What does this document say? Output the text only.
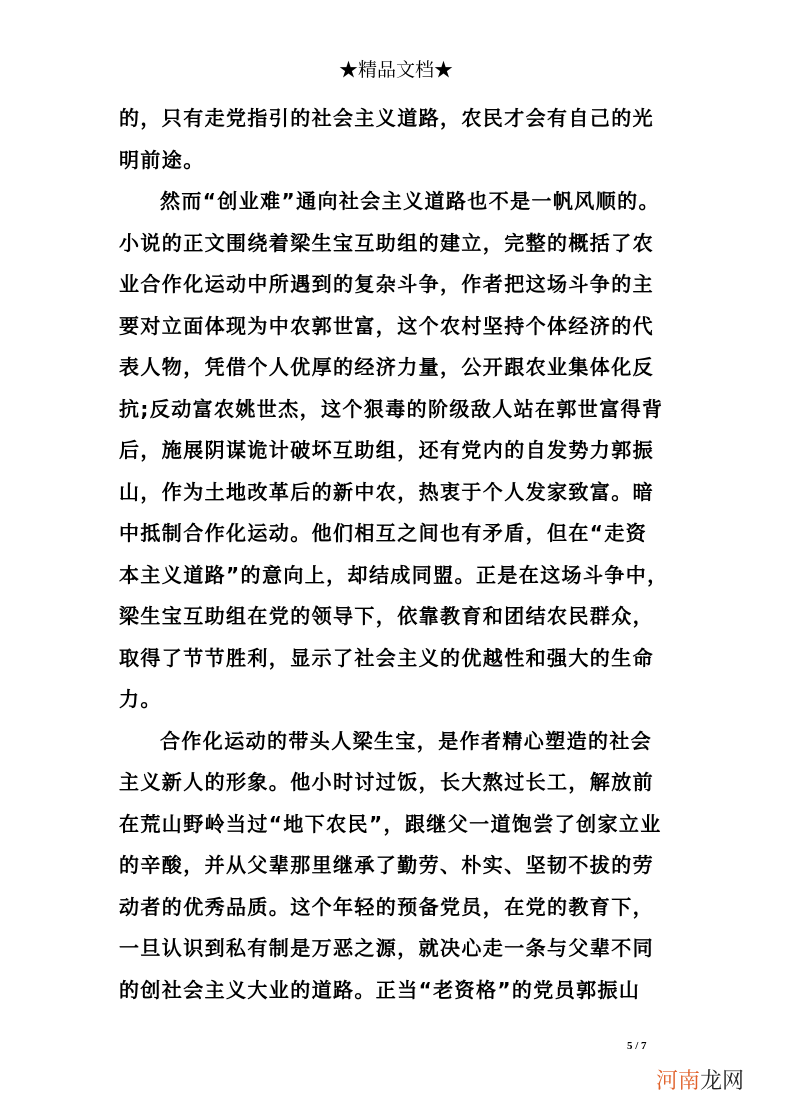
★精品文档★
的，只有走党指引的社会主义道路，农民才会有自己的光
明前途。
然而“创业难”通向社会主义道路也不是一帆风顺的。
小说的正文围绕着梁生宝互助组的建立，完整的概括了农
业合作化运动中所遇到的复杂斗争，作者把这场斗争的主
要对立面体现为中农郭世富，这个农村坚持个体经济的代
表人物，凭借个人优厚的经济力量，公开跟农业集体化反
抗;反动富农姚世杰，这个狠毒的阶级敌人站在郭世富得背
后，施展阴谋诡计破坏互助组，还有党内的自发势力郭振
山，作为土地改革后的新中农，热衷于个人发家致富。暗
中抵制合作化运动。他们相互之间也有矛盾，但在“走资
本主义道路”的意向上，却结成同盟。正是在这场斗争中，
梁生宝互助组在党的领导下，依靠教育和团结农民群众，
取得了节节胜利，显示了社会主义的优越性和强大的生命
力。
合作化运动的带头人梁生宝，是作者精心塑造的社会
主义新人的形象。他小时讨过饭，长大熬过长工，解放前
在荒山野岭当过“地下农民”，跟继父一道饱尝了创家立业
的辛酸，并从父辈那里继承了勤劳、朴实、坚韧不拔的劳
动者的优秀品质。这个年轻的预备党员，在党的教育下，
一旦认识到私有制是万恶之源，就决心走一条与父辈不同
的创社会主义大业的道路。正当“老资格”的党员郭振山
5 / 7
河南龙网
